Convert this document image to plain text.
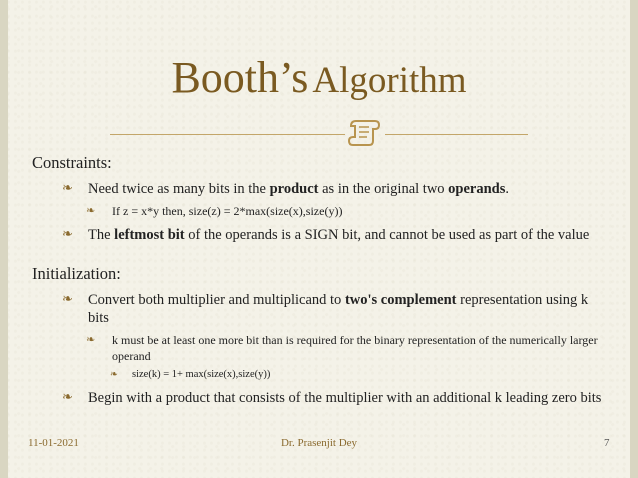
Booth’s Algorithm

Constraints:

❧	Need twice as many bits in the product as in the original two operands.
❧	If z = x*y then, size(z) = 2*max(size(x),size(y))
❧	The leftmost bit of the operands is a SIGN bit, and cannot be used as part of the value

Initialization:

❧	Convert both multiplier and multiplicand to two's complement representation using k bits
❧	k must be at least one more bit than is required for the binary representation of the numerically larger operand
❧	size(k) = 1+ max(size(x),size(y))
❧	Begin with a product that consists of the multiplier with an additional k leading zero bits
11-01-2021	Dr. Prasenjit Dey	7
